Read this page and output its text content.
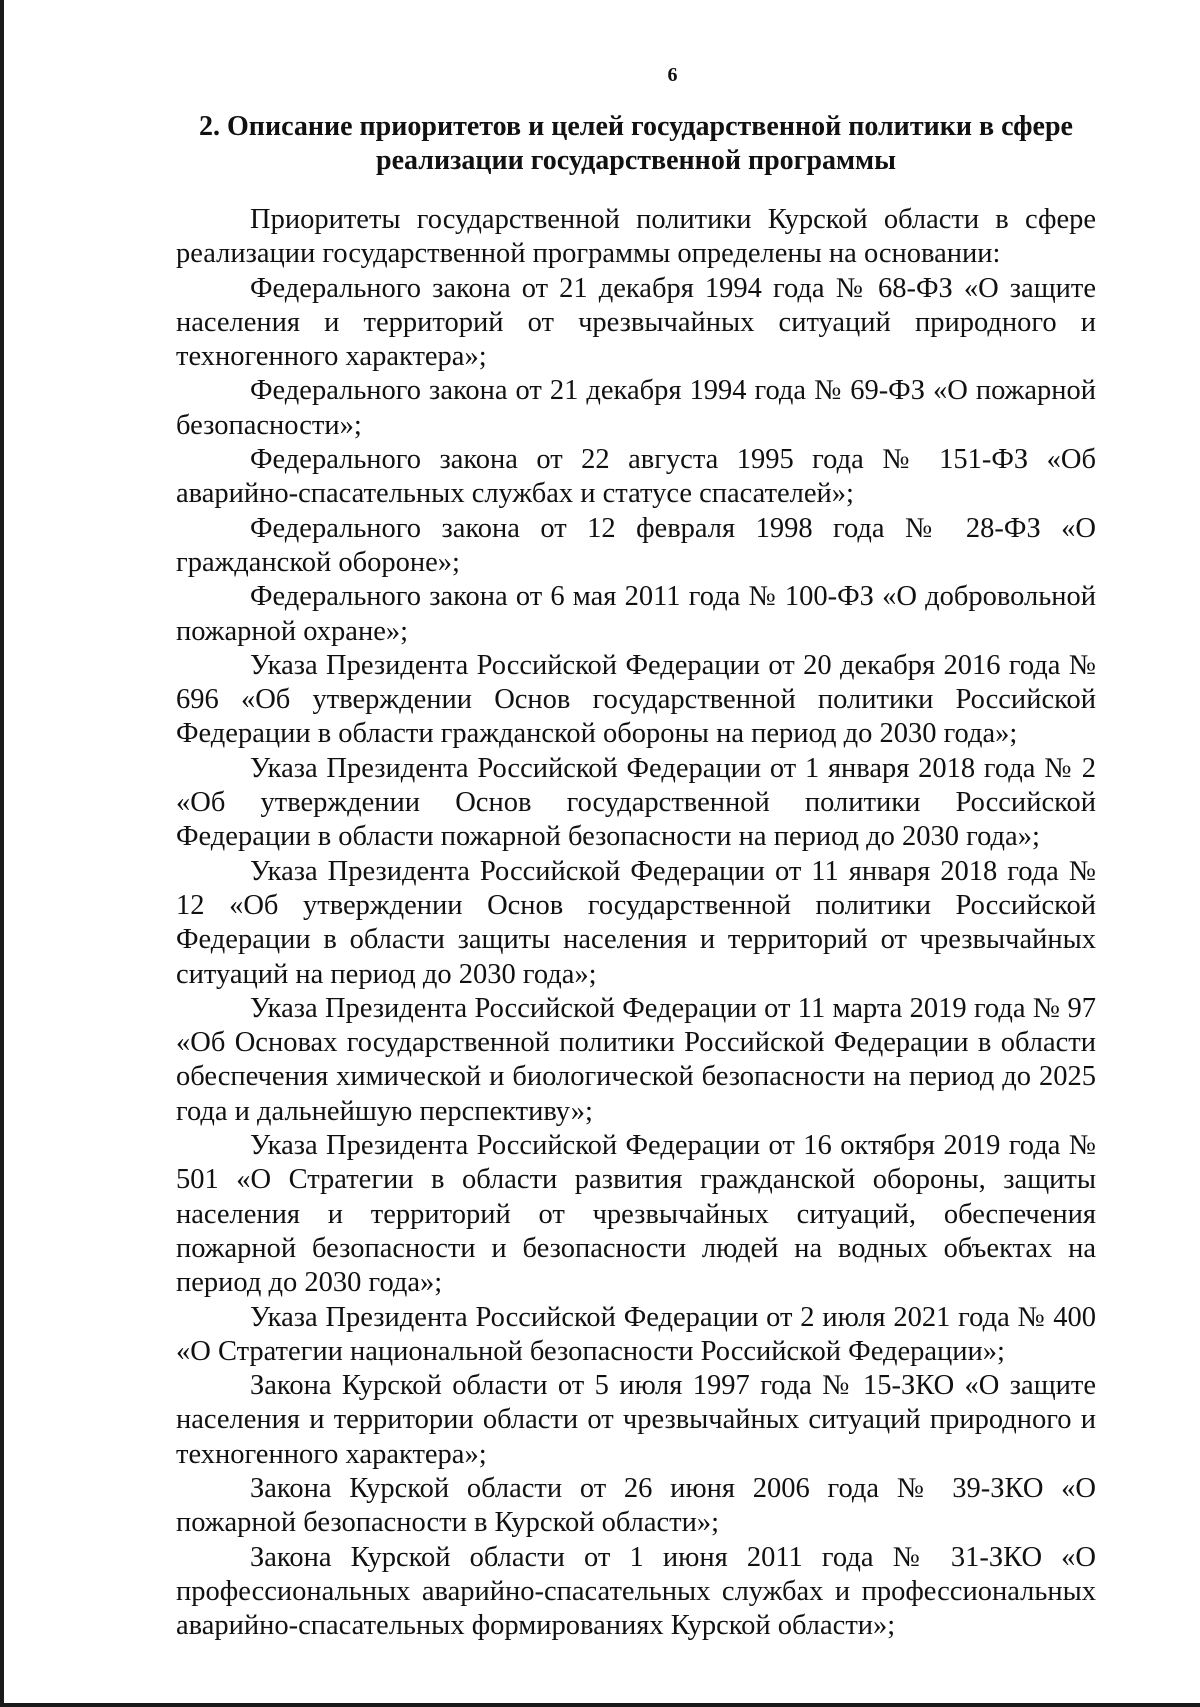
6
2. Описание приоритетов и целей государственной политики в сфере реализации государственной программы

Приоритеты государственной политики Курской области в сфере реализации государственной программы определены на основании:

Федерального закона от 21 декабря 1994 года № 68-ФЗ «О защите населения и территорий от чрезвычайных ситуаций природного и техногенного характера»;

Федерального закона от 21 декабря 1994 года № 69-ФЗ «О пожарной безопасности»;

Федерального закона от 22 августа 1995 года № 151-ФЗ «Об аварийно-спасательных службах и статусе спасателей»;

Федерального закона от 12 февраля 1998 года № 28-ФЗ «О гражданской обороне»;

Федерального закона от 6 мая 2011 года № 100-ФЗ «О добровольной пожарной охране»;

Указа Президента Российской Федерации от 20 декабря 2016 года № 696 «Об утверждении Основ государственной политики Российской Федерации в области гражданской обороны на период до 2030 года»;

Указа Президента Российской Федерации от 1 января 2018 года № 2 «Об утверждении Основ государственной политики Российской Федерации в области пожарной безопасности на период до 2030 года»;

Указа Президента Российской Федерации от 11 января 2018 года № 12 «Об утверждении Основ государственной политики Российской Федерации в области защиты населения и территорий от чрезвычайных ситуаций на период до 2030 года»;

Указа Президента Российской Федерации от 11 марта 2019 года № 97 «Об Основах государственной политики Российской Федерации в области обеспечения химической и биологической безопасности на период до 2025 года и дальнейшую перспективу»;

Указа Президента Российской Федерации от 16 октября 2019 года № 501 «О Стратегии в области развития гражданской обороны, защиты населения и территорий от чрезвычайных ситуаций, обеспечения пожарной безопасности и безопасности людей на водных объектах на период до 2030 года»;

Указа Президента Российской Федерации от 2 июля 2021 года № 400 «О Стратегии национальной безопасности Российской Федерации»;

Закона Курской области от 5 июля 1997 года № 15-ЗКО «О защите населения и территории области от чрезвычайных ситуаций природного и техногенного характера»;

Закона Курской области от 26 июня 2006 года № 39-ЗКО «О пожарной безопасности в Курской области»;

Закона Курской области от 1 июня 2011 года № 31-ЗКО «О профессиональных аварийно-спасательных службах и профессиональных аварийно-спасательных формированиях Курской области»;
